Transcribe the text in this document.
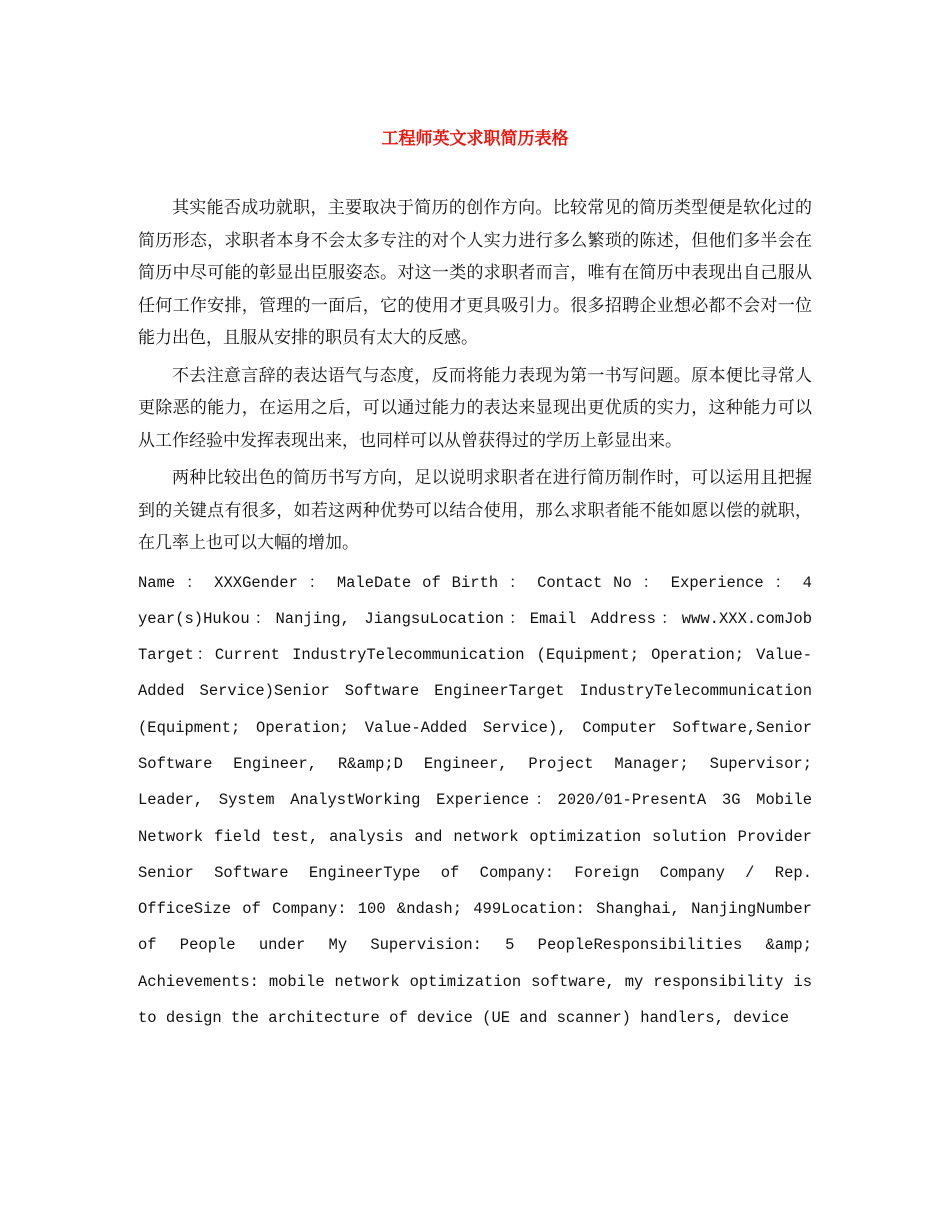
工程师英文求职简历表格

其实能否成功就职，主要取决于简历的创作方向。比较常见的简历类型便是软化过的简历形态，求职者本身不会太多专注的对个人实力进行多么繁琐的陈述，但他们多半会在简历中尽可能的彰显出臣服姿态。对这一类的求职者而言，唯有在简历中表现出自己服从任何工作安排，管理的一面后，它的使用才更具吸引力。很多招聘企业想必都不会对一位能力出色，且服从安排的职员有太大的反感。

不去注意言辞的表达语气与态度，反而将能力表现为第一书写问题。原本便比寻常人更除恶的能力，在运用之后，可以通过能力的表达来显现出更优质的实力，这种能力可以从工作经验中发挥表现出来，也同样可以从曾获得过的学历上彰显出来。

两种比较出色的简历书写方向，足以说明求职者在进行简历制作时，可以运用且把握到的关键点有很多，如若这两种优势可以结合使用，那么求职者能不能如愿以偿的就职，在几率上也可以大幅的增加。

Name ： XXXGender ： MaleDate of Birth ： Contact No ： Experience ： 4 year(s)Hukou：Nanjing, JiangsuLocation：Email Address：www.XXX.comJob Target：Current IndustryTelecommunication (Equipment; Operation; Value-Added Service)Senior Software EngineerTarget IndustryTelecommunication (Equipment; Operation; Value-Added Service), Computer Software,Senior Software Engineer, R&amp;D Engineer, Project Manager; Supervisor; Leader, System AnalystWorking Experience：2020/01-PresentA 3G Mobile Network field test, analysis and network optimization solution Provider Senior Software EngineerType of Company: Foreign Company / Rep. OfficeSize of Company: 100 &ndash; 499Location: Shanghai, NanjingNumber of People under My Supervision: 5 PeopleResponsibilities &amp; Achievements: mobile network optimization software, my responsibility is to design the architecture of device (UE and scanner) handlers, device
